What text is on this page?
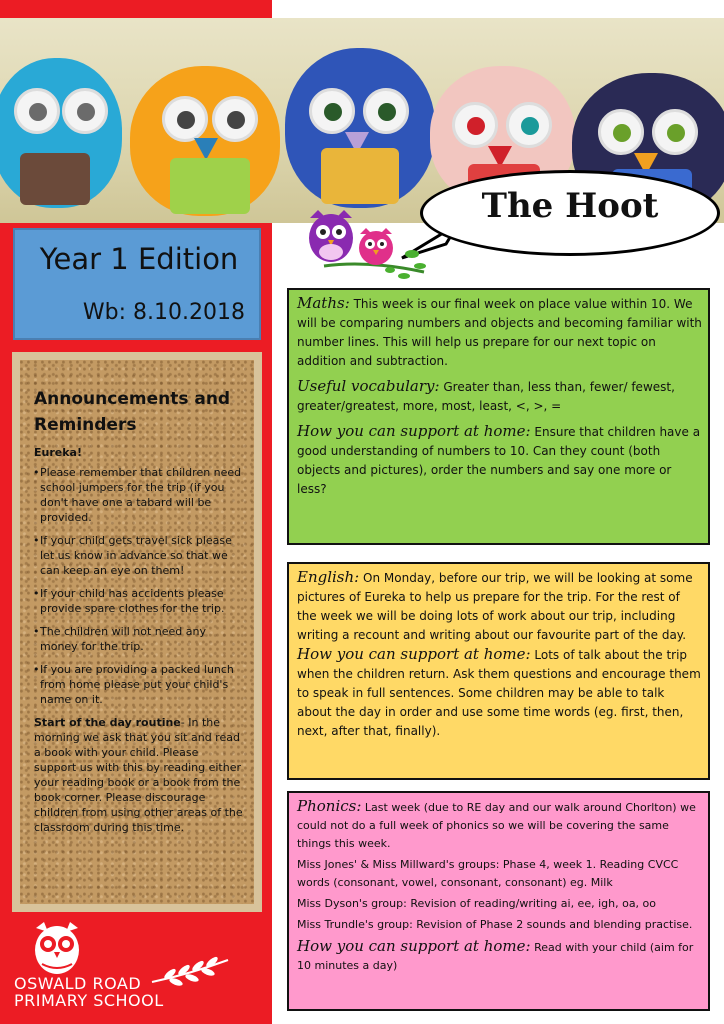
The Hoot
Year 1 Edition
Wb: 8.10.2018
Announcements and Reminders
Eureka!
• Please remember that children need school jumpers for the trip (if you don't have one a tabard will be provided.
• If your child gets travel sick please let us know in advance so that we can keep an eye on them!
• If your child has accidents please provide spare clothes for the trip.
• The children will not need any money for the trip.
• If you are providing a packed lunch from home please put your child's name on it.

Start of the day routine- In the morning we ask that you sit and read a book with your child. Please support us with this by reading either your reading book or a book from the book corner. Please discourage children from using other areas of the classroom during this time.

OSWALD ROAD
PRIMARY SCHOOL

Maths: This week is our final week on place value within 10. We will be comparing numbers and objects and becoming familiar with number lines. This will help us prepare for our next topic on addition and subtraction.

Useful vocabulary: Greater than, less than, fewer/ fewest, greater/greatest, more, most, least, <, >, =

How you can support at home: Ensure that children have a good understanding of numbers to 10. Can they count (both objects and pictures), order the numbers and say one more or less?

English: On Monday, before our trip, we will be looking at some pictures of Eureka to help us prepare for the trip. For the rest of the week we will be doing lots of work about our trip, including writing a recount and writing about our favourite part of the day.

How you can support at home: Lots of talk about the trip when the children return. Ask them questions and encourage them to speak in full sentences. Some children may be able to talk about the day in order and use some time words (eg. first, then, next, after that, finally).

Phonics: Last week (due to RE day and our walk around Chorlton) we could not do a full week of phonics so we will be covering the same things this week.

Miss Jones' & Miss Millward's groups: Phase 4, week 1. Reading CVCC words (consonant, vowel, consonant, consonant) eg. Milk

Miss Dyson's group: Revision of reading/writing ai, ee, igh, oa, oo

Miss Trundle's group: Revision of Phase 2 sounds and blending practise.

How you can support at home: Read with your child (aim for 10 minutes a day)
